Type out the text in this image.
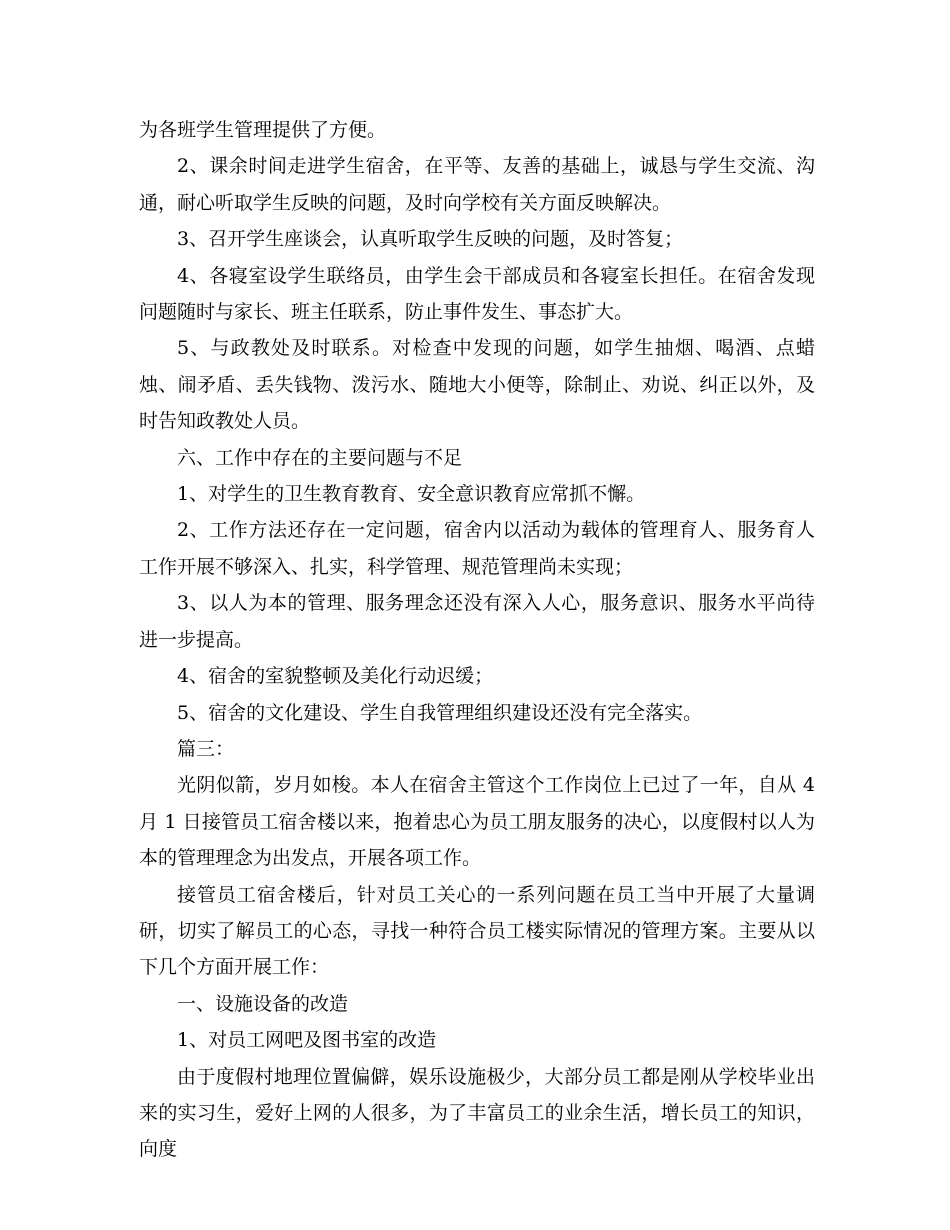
为各班学生管理提供了方便。

2、课余时间走进学生宿舍，在平等、友善的基础上，诚恳与学生交流、沟通，耐心听取学生反映的问题，及时向学校有关方面反映解决。

3、召开学生座谈会，认真听取学生反映的问题，及时答复；

4、各寝室设学生联络员，由学生会干部成员和各寝室长担任。在宿舍发现问题随时与家长、班主任联系，防止事件发生、事态扩大。

5、与政教处及时联系。对检查中发现的问题，如学生抽烟、喝酒、点蜡烛、闹矛盾、丢失钱物、泼污水、随地大小便等，除制止、劝说、纠正以外，及时告知政教处人员。

六、工作中存在的主要问题与不足

1、对学生的卫生教育教育、安全意识教育应常抓不懈。

2、工作方法还存在一定问题，宿舍内以活动为载体的管理育人、服务育人工作开展不够深入、扎实，科学管理、规范管理尚未实现；

3、以人为本的管理、服务理念还没有深入人心，服务意识、服务水平尚待进一步提高。

4、宿舍的室貌整顿及美化行动迟缓；

5、宿舍的文化建设、学生自我管理组织建设还没有完全落实。

篇三：

光阴似箭，岁月如梭。本人在宿舍主管这个工作岗位上已过了一年，自从 4 月 1 日接管员工宿舍楼以来，抱着忠心为员工朋友服务的决心，以度假村以人为本的管理理念为出发点，开展各项工作。

接管员工宿舍楼后，针对员工关心的一系列问题在员工当中开展了大量调研，切实了解员工的心态，寻找一种符合员工楼实际情况的管理方案。主要从以下几个方面开展工作：

一、设施设备的改造

1、对员工网吧及图书室的改造

由于度假村地理位置偏僻，娱乐设施极少，大部分员工都是刚从学校毕业出来的实习生，爱好上网的人很多，为了丰富员工的业余生活，增长员工的知识，向度
